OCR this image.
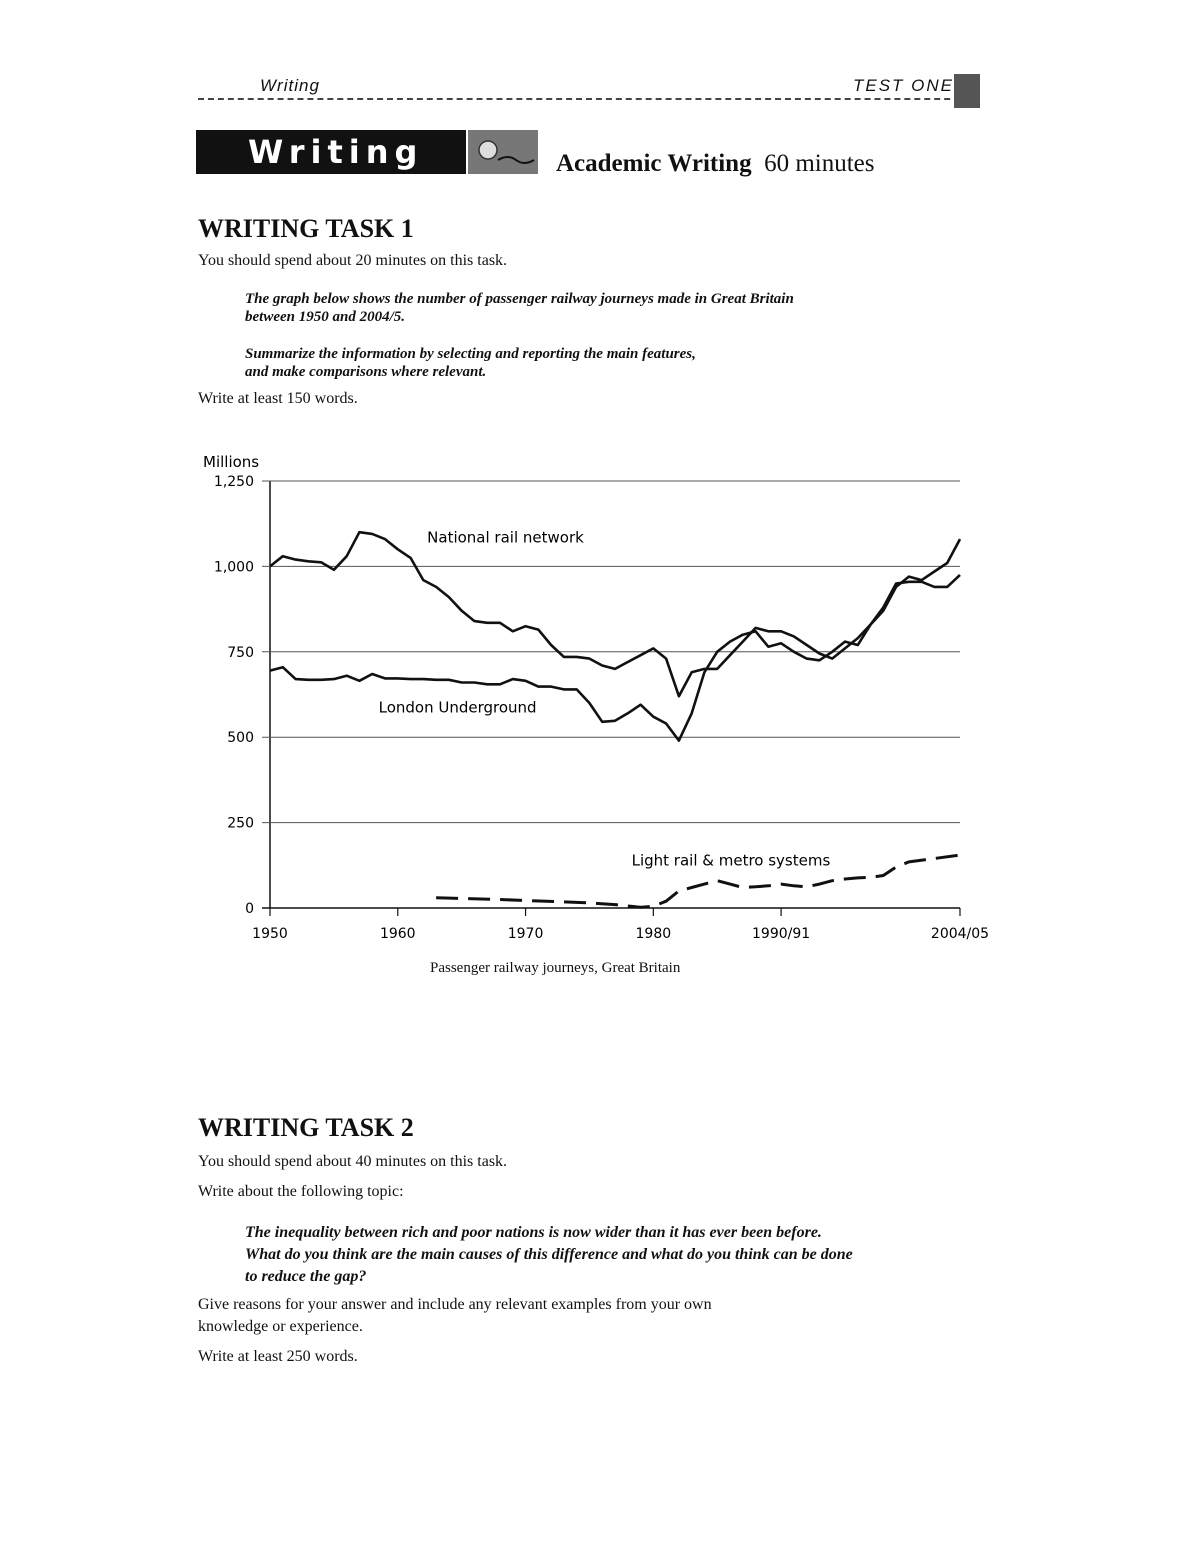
Writing	TEST ONE
Writing	Academic Writing 60 minutes
WRITING TASK 1
You should spend about 20 minutes on this task.
The graph below shows the number of passenger railway journeys made in Great Britain
between 1950 and 2004/5.
Summarize the information by selecting and reporting the main features,
and make comparisons where relevant.
Write at least 150 words.
Millions
0
250
500
750
1,000
1,250
1950	1960	1970	1980	1990/91	2004/05
National rail network
London Underground
Light rail & metro systems
Passenger railway journeys, Great Britain
WRITING TASK 2
You should spend about 40 minutes on this task.
Write about the following topic:
The inequality between rich and poor nations is now wider than it has ever been before.
What do you think are the main causes of this difference and what do you think can be done
to reduce the gap?
Give reasons for your answer and include any relevant examples from your own
knowledge or experience.
Write at least 250 words.
